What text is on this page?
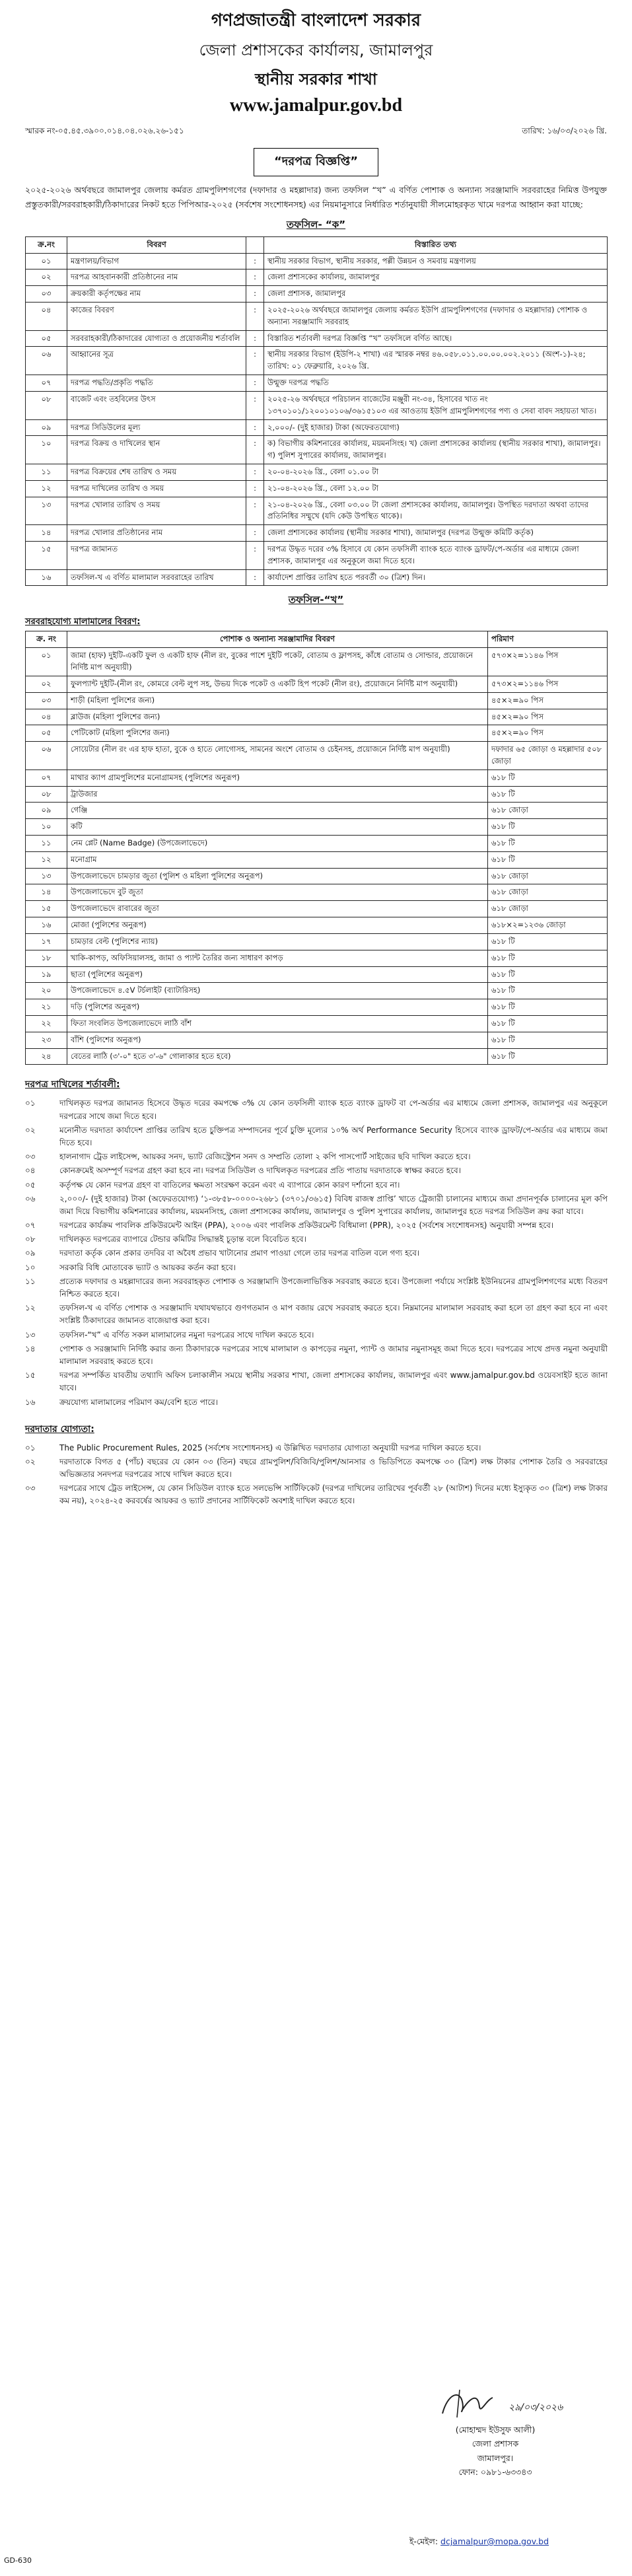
গণপ্রজাতন্ত্রী বাংলাদেশ সরকার
জেলা প্রশাসকের কার্যালয়, জামালপুর
স্থানীয় সরকার শাখা
www.jamalpur.gov.bd
স্মারক নং-০৫.৪৫.৩৯০০.০১৪.০৪.০২৬.২৬-১৫১	তারিখ: ১৬/০৩/২০২৬ খ্রি.
“দরপত্র বিজ্ঞপ্তি”
২০২৫-২০২৬ অর্থবছরে জামালপুর জেলায় কর্মরত গ্রামপুলিশগণের (দফাদার ও মহল্লাদার) জন্য তফসিল “খ” এ বর্ণিত পোশাক ও অন্যান্য সরঞ্জামাদি সরবরাহের নিমিত্ত উপযুক্ত প্রস্তুতকারী/সরবরাহকারী/ঠিকাদারের নিকট হতে পিপিআর-২০২৫ (সর্বশেষ সংশোধনসহ) এর নিয়মানুসারে নির্ধারিত শর্তানুযায়ী সীলমোহরকৃত খামে দরপত্র আহ্বান করা যাচ্ছে:
তফসিল- “ক”
ক্র.নং	বিবরণ		বিস্তারিত তথ্য
০১	মন্ত্রণালয়/বিভাগ	:	স্থানীয় সরকার বিভাগ, স্থানীয় সরকার, পল্লী উন্নয়ন ও সমবায় মন্ত্রণালয়
০২	দরপত্র আহবানকারী প্রতিষ্ঠানের নাম	:	জেলা প্রশাসকের কার্যালয়, জামালপুর
০৩	ক্রয়কারী কর্তৃপক্ষের নাম	:	জেলা প্রশাসক, জামালপুর
০৪	কাজের বিবরণ	:	২০২৫-২০২৬ অর্থবছরে জামালপুর জেলায় কর্মরত ইউপি গ্রামপুলিশগণের (দফাদার ও মহল্লাদার) পোশাক ও অন্যান্য সরঞ্জামাদি সরবরাহ
০৫	সরবরাহকারী/ঠিকাদারের যোগ্যতা ও প্রয়োজনীয় শর্তাবলি	:	বিস্তারিত শর্তাবলী দরপত্র বিজ্ঞপ্তি “খ” তফসিলে বর্ণিত আছে।
০৬	আহ্বানের সূত্র	:	স্থানীয় সরকার বিভাগ (ইউপি-২ শাখা) এর স্মারক নম্বর ৪৬.০৫৮.০১১.০০.০০.০০২.২০১১ (অংশ-১)-২৪; তারিখ: ০১ ফেব্রুয়ারি, ২০২৬ খ্রি.
০৭	দরপত্র পদ্ধতি/প্রকৃতি পদ্ধতি	:	উন্মুক্ত দরপত্র পদ্ধতি
০৮	বাজেট এবং তহবিলের উৎস	:	২০২৫-২৬ অর্থবছরে পরিচালন বাজেটের মঞ্জুরী নং-৩৪, হিসাবের খাত নং ১৩৭০১০১/১২০০১০১০৬/৩৬১৫১০৩ এর আওতায় ইউপি গ্রামপুলিশগণের পণ্য ও সেবা বাবদ সহায়তা খাত।
০৯	দরপত্র সিডিউলের মূল্য	:	২,০০০/- (দুই হাজার) টাকা (অফেরতযোগ্য)
১০	দরপত্র বিক্রয় ও দাখিলের স্থান	:	ক) বিভাগীয় কমিশনারের কার্যালয়, ময়মনসিংহ। খ) জেলা প্রশাসকের কার্যালয় (স্থানীয় সরকার শাখা), জামালপুর। গ) পুলিশ সুপারের কার্যালয়, জামালপুর।
১১	দরপত্র বিক্রয়ের শেষ তারিখ ও সময়	:	২০-০৪-২০২৬ খ্রি., বেলা ০১.০০ টা
১২	দরপত্র দাখিলের তারিখ ও সময়	:	২১-০৪-২০২৬ খ্রি., বেলা ১২.০০ টা
১৩	দরপত্র খোলার তারিখ ও সময়	:	২১-০৪-২০২৬ খ্রি., বেলা ০৩.০০ টা জেলা প্রশাসকের কার্যালয়, জামালপুর। উপস্থিত দরদাতা অথবা তাদের প্রতিনিধির সম্মুখে (যদি কেউ উপস্থিত থাকে)।
১৪	দরপত্র খোলার প্রতিষ্ঠানের নাম	:	জেলা প্রশাসকের কার্যালয় (স্থানীয় সরকার শাখা), জামালপুর (দরপত্র উন্মুক্ত কমিটি কর্তৃক)
১৫	দরপত্র জামানত	:	দরপত্র উদ্ধৃত দরের ৩% হিসাবে যে কোন তফসিলী ব্যাংক হতে ব্যাংক ড্রাফট/পে-অর্ডার এর মাধ্যমে জেলা প্রশাসক, জামালপুর এর অনুকূলে জমা দিতে হবে।
১৬	তফসিল-খ এ বর্ণিত মালামাল সরবরাহের তারিখ	:	কার্যাদেশ প্রাপ্তির তারিখ হতে পরবর্তী ৩০ (ত্রিশ) দিন।
তফসিল-“খ”
সরবরাহযোগ্য মালামালের বিবরণ:
ক্র. নং	পোশাক ও অন্যান্য সরঞ্জামাদির বিবরণ	পরিমাণ
০১	জামা (হাফ) দুইটি-একটি ফুল ও একটি হাফ (নীল রং, বুকের পাশে দুইটি পকেট, বোতাম ও ফ্লাপসহ, কাঁধে বোতাম ও সোল্ডার, প্রয়োজনে নির্দিষ্ট মাপ অনুযায়ী)	৫৭৩×২=১১৪৬ পিস
০২	ফুলপ্যান্ট দুইটি-(নীল রং, কোমরে বেল্ট লুপ সহ, উভয় দিকে পকেট ও একটি হিপ পকেট (নীল রং), প্রয়োজনে নির্দিষ্ট মাপ অনুযায়ী)	৫৭৩×২=১১৪৬ পিস
০৩	শাড়ী (মহিলা পুলিশের জন্য)	৪৫×২=৯০ পিস
০৪	ব্লাউজ (মহিলা পুলিশের জন্য)	৪৫×২=৯০ পিস
০৫	পেটিকোট (মহিলা পুলিশের জন্য)	৪৫×২=৯০ পিস
০৬	সোয়েটার (নীল রং এর হাফ হাতা, বুকে ও হাতে লোগোসহ, সামনের অংশে বোতাম ও চেইনসহ, প্রয়োজনে নির্দিষ্ট মাপ অনুযায়ী)	দফাদার ৬৫ জোড়া ও মহল্লাদার ৫০৮ জোড়া
০৭	মাথার ক্যাপ গ্রামপুলিশের মনোগ্রামসহ (পুলিশের অনুরূপ)	৬১৮ টি
০৮	ট্রাউজার	৬১৮ টি
০৯	গেঞ্জি	৬১৮ জোড়া
১০	কটি	৬১৮ টি
১১	নেম প্লেট (Name Badge) (উপজেলাভেদে)	৬১৮ টি
১২	মনোগ্রাম	৬১৮ টি
১৩	উপজেলাভেদে চামড়ার জুতা (পুলিশ ও মহিলা পুলিশের অনুরূপ)	৬১৮ জোড়া
১৪	উপজেলাভেদে বুট জুতা	৬১৮ জোড়া
১৫	উপজেলাভেদে রাবারের জুতা	৬১৮ জোড়া
১৬	মোজা (পুলিশের অনুরূপ)	৬১৮×২=১২৩৬ জোড়া
১৭	চামড়ার বেল্ট (পুলিশের ন্যায়)	৬১৮ টি
১৮	খাকি-কাপড়, অফিসিয়ালসহ, জামা ও প্যান্ট তৈরির জন্য সাধারণ কাপড়	৬১৮ টি
১৯	ছাতা (পুলিশের অনুরূপ)	৬১৮ টি
২০	উপজেলাভেদে ৪.৫V টর্চলাইট (ব্যাটারিসহ)	৬১৮ টি
২১	দড়ি (পুলিশের অনুরূপ)	৬১৮ টি
২২	ফিতা সংবলিত উপজেলাভেদে লাঠি বাঁশ	৬১৮ টি
২৩	বাঁশি (পুলিশের অনুরূপ)	৬১৮ টি
২৪	বেতের লাঠি (৩'-০" হতে ৩'-৬" গোলাকার হতে হবে)	৬১৮ টি
দরপত্র দাখিলের শর্তাবলী:
০১	দাখিলকৃত দরপত্র জামানত হিসেবে উদ্ধৃত দরের কমপক্ষে ৩% যে কোন তফসিলী ব্যাংক হতে ব্যাংক ড্রাফট বা পে-অর্ডার এর মাধ্যমে জেলা প্রশাসক, জামালপুর এর অনুকূলে দরপত্রের সাথে জমা দিতে হবে।
০২	মনোনীত দরদাতা কার্যাদেশ প্রাপ্তির তারিখ হতে চুক্তিপত্র সম্পাদনের পূর্বে চুক্তি মূল্যের ১০% অর্থ Performance Security হিসেবে ব্যাংক ড্রাফট/পে-অর্ডার এর মাধ্যমে জমা দিতে হবে।
০৩	হালনাগাদ ট্রেড লাইসেন্স, আয়কর সনদ, ভ্যাট রেজিস্ট্রেশন সনদ ও সম্প্রতি তোলা ২ কপি পাসপোর্ট সাইজের ছবি দাখিল করতে হবে।
০৪	কোনক্রমেই অসম্পূর্ণ দরপত্র গ্রহণ করা হবে না। দরপত্র সিডিউল ও দাখিলকৃত দরপত্রের প্রতি পাতায় দরদাতাকে স্বাক্ষর করতে হবে।
০৫	কর্তৃপক্ষ যে কোন দরপত্র গ্রহণ বা বাতিলের ক্ষমতা সংরক্ষণ করেন এবং এ ব্যাপারে কোন কারণ দর্শানো হবে না।
০৬	২,০০০/- (দুই হাজার) টাকা (অফেরতযোগ্য) ‘১-৩৮৫৮-০০০০-২৬৮১ (৩৭০১/৩৬১৫) বিবিধ রাজস্ব প্রাপ্তি’ খাতে ট্রেজারী চালানের মাধ্যমে জমা প্রদানপূর্বক চালানের মূল কপি জমা দিয়ে বিভাগীয় কমিশনারের কার্যালয়, ময়মনসিংহ, জেলা প্রশাসকের কার্যালয়, জামালপুর ও পুলিশ সুপারের কার্যালয়, জামালপুর হতে দরপত্র সিডিউল ক্রয় করা যাবে।
০৭	দরপত্রের কার্যক্রম পাবলিক প্রকিউরমেন্ট আইন (PPA), ২০০৬ এবং পাবলিক প্রকিউরমেন্ট বিধিমালা (PPR), ২০২৫ (সর্বশেষ সংশোধনসহ) অনুযায়ী সম্পন্ন হবে।
০৮	দাখিলকৃত দরপত্রের ব্যাপারে টেন্ডার কমিটির সিদ্ধান্তই চূড়ান্ত বলে বিবেচিত হবে।
০৯	দরদাতা কর্তৃক কোন প্রকার তদবির বা অবৈধ প্রভাব খাটানোর প্রমাণ পাওয়া গেলে তার দরপত্র বাতিল বলে গণ্য হবে।
১০	সরকারি বিধি মোতাবেক ভ্যাট ও আয়কর কর্তন করা হবে।
১১	প্রত্যেক দফাদার ও মহল্লাদারের জন্য সরবরাহকৃত পোশাক ও সরঞ্জামাদি উপজেলাভিত্তিক সরবরাহ করতে হবে। উপজেলা পর্যায়ে সংশ্লিষ্ট ইউনিয়নের গ্রামপুলিশগণের মধ্যে বিতরণ নিশ্চিত করতে হবে।
১২	তফসিল-খ এ বর্ণিত পোশাক ও সরঞ্জামাদি যথাযথভাবে গুণগতমান ও মাপ বজায় রেখে সরবরাহ করতে হবে। নিম্নমানের মালামাল সরবরাহ করা হলে তা গ্রহণ করা হবে না এবং সংশ্লিষ্ট ঠিকাদারের জামানত বাজেয়াপ্ত করা হবে।
১৩	তফসিল-“খ” এ বর্ণিত সকল মালামালের নমুনা দরপত্রের সাথে দাখিল করতে হবে।
১৪	পোশাক ও সরঞ্জামাদি নির্দিষ্ট করার জন্য ঠিকাদারকে দরপত্রের সাথে মালামাল ও কাপড়ের নমুনা, প্যান্ট ও জামার নমুনাসমূহ জমা দিতে হবে। দরপত্রের সাথে প্রদত্ত নমুনা অনুযায়ী মালামাল সরবরাহ করতে হবে।
১৫	দরপত্র সম্পর্কিত যাবতীয় তথ্যাদি অফিস চলাকালীন সময়ে স্থানীয় সরকার শাখা, জেলা প্রশাসকের কার্যালয়, জামালপুর এবং www.jamalpur.gov.bd ওয়েবসাইট হতে জানা যাবে।
১৬	ক্রয়যোগ্য মালামালের পরিমাণ কম/বেশি হতে পারে।
দরদাতার যোগ্যতা:
০১	The Public Procurement Rules, 2025 (সর্বশেষ সংশোধনসহ) এ উল্লিখিত দরদাতার যোগ্যতা অনুযায়ী দরপত্র দাখিল করতে হবে।
০২	দরদাতাকে বিগত ৫ (পাঁচ) বছরের যে কোন ০৩ (তিন) বছরে গ্রামপুলিশ/বিজিবি/পুলিশ/আনসার ও ভিডিপিতে কমপক্ষে ৩০ (ত্রিশ) লক্ষ টাকার পোশাক তৈরি ও সরবরাহের অভিজ্ঞতার সনদপত্র দরপত্রের সাথে দাখিল করতে হবে।
০৩	দরপত্রের সাথে ট্রেড লাইসেন্স, যে কোন সিডিউল ব্যাংক হতে সলভেন্সি সার্টিফিকেট (দরপত্র দাখিলের তারিখের পূর্ববর্তী ২৮ (আটাশ) দিনের মধ্যে ইস্যুকৃত ৩০ (ত্রিশ) লক্ষ টাকার কম নয়), ২০২৪-২৫ করবর্ষের আয়কর ও ভ্যাট প্রদানের সার্টিফিকেট অবশ্যই দাখিল করতে হবে।
২৯/০৩/২০২৬
(মোহাম্মদ ইউসুফ আলী)
জেলা প্রশাসক
জামালপুর।
ফোন: ০৯৮১-৬৩৩৪৩
ই-মেইল: dcjamalpur@mopa.gov.bd
GD-630
